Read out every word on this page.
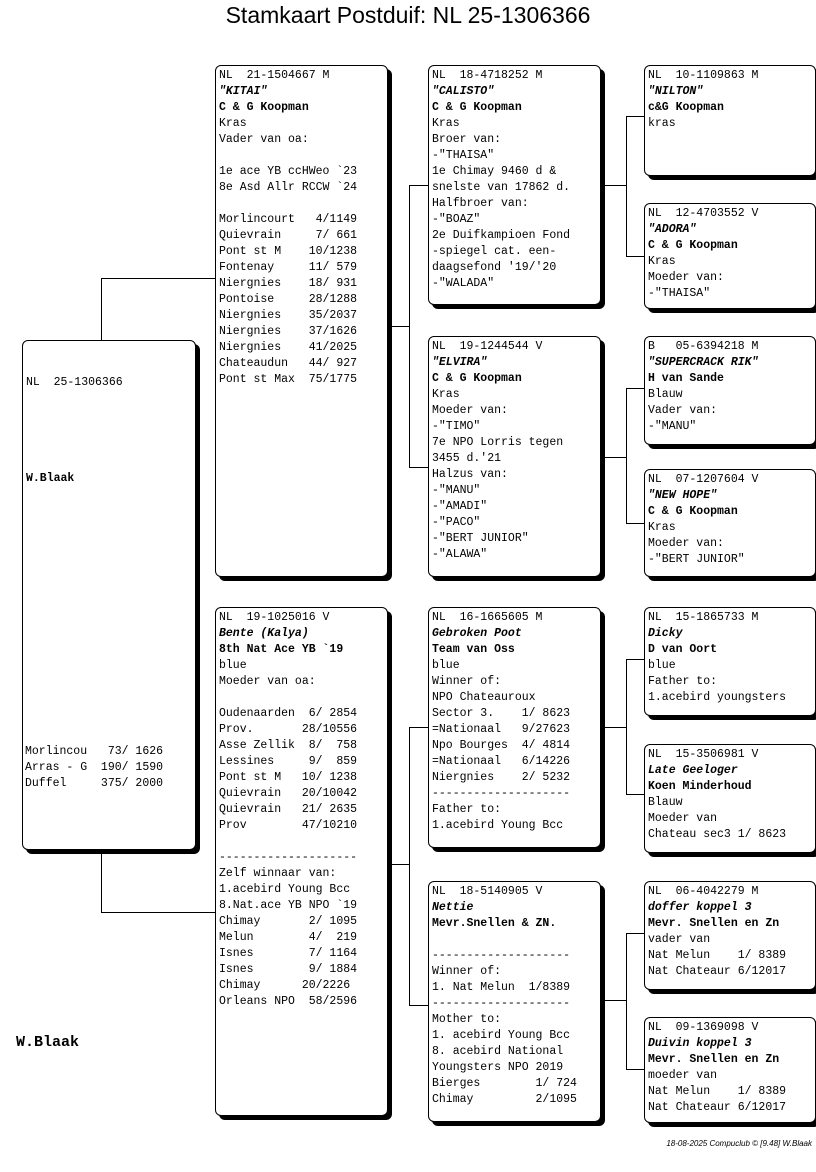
Stamkaart Postduif: NL 25-1306366

NL  25-1306366

W.Blaak

Morlincou   73/ 1626
Arras - G  190/ 1590
Duffel     375/ 2000
NL  21-1504667 M
"KITAI"
C & G Koopman
Kras
Vader van oa:
1e ace YB ccHWeo `23
8e Asd Allr RCCW `24
Morlincourt   4/1149
Quievrain     7/ 661
Pont st M    10/1238
Fontenay     11/ 579
Niergnies    18/ 931
Pontoise     28/1288
Niergnies    35/2037
Niergnies    37/1626
Niergnies    41/2025
Chateaudun   44/ 927
Pont st Max  75/1775
NL  19-1025016 V
Bente (Kalya)
8th Nat Ace YB `19
blue
Moeder van oa:
Oudenaarden  6/ 2854
Prov.       28/10556
Asse Zellik  8/  758
Lessines     9/  859
Pont st M   10/ 1238
Quievrain   20/10042
Quievrain   21/ 2635
Prov        47/10210
--------------------
Zelf winnaar van:
1.acebird Young Bcc
8.Nat.ace YB NPO `19
Chimay       2/ 1095
Melun        4/  219
Isnes        7/ 1164
Isnes        9/ 1884
Chimay      20/2226
Orleans NPO  58/2596
NL  18-4718252 M
"CALISTO"
C & G Koopman
Kras
Broer van:
-"THAISA"
1e Chimay 9460 d &
snelste van 17862 d.
Halfbroer van:
-"BOAZ"
2e Duifkampioen Fond
-spiegel cat. een-
daagsefond '19/'20
-"WALADA"
NL  19-1244544 V
"ELVIRA"
C & G Koopman
Kras
Moeder van:
-"TIMO"
7e NPO Lorris tegen
3455 d.'21
Halzus van:
-"MANU"
-"AMADI"
-"PACO"
-"BERT JUNIOR"
-"ALAWA"
NL  16-1665605 M
Gebroken Poot
Team van Oss
blue
Winner of:
NPO Chateauroux
Sector 3.    1/ 8623
=Nationaal   9/27623
Npo Bourges  4/ 4814
=Nationaal   6/14226
Niergnies    2/ 5232
--------------------
Father to:
1.acebird Young Bcc
NL  18-5140905 V
Nettie
Mevr.Snellen & ZN.
--------------------
Winner of:
1. Nat Melun  1/8389
--------------------
Mother to:
1. acebird Young Bcc
8. acebird National
Youngsters NPO 2019
Bierges        1/ 724
Chimay         2/1095
NL  10-1109863 M
"NILTON"
c&G Koopman
kras
NL  12-4703552 V
"ADORA"
C & G Koopman
Kras
Moeder van:
-"THAISA"
B   05-6394218 M
"SUPERCRACK RIK"
H van Sande
Blauw
Vader van:
-"MANU"
NL  07-1207604 V
"NEW HOPE"
C & G Koopman
Kras
Moeder van:
-"BERT JUNIOR"
NL  15-1865733 M
Dicky
D van Oort
blue
Father to:
1.acebird youngsters
NL  15-3506981 V
Late Geeloger
Koen Minderhoud
Blauw
Moeder van
Chateau sec3 1/ 8623
NL  06-4042279 M
doffer koppel 3
Mevr. Snellen en Zn
vader van
Nat Melun    1/ 8389
Nat Chateaur 6/12017
NL  09-1369098 V
Duivin koppel 3
Mevr. Snellen en Zn
moeder van
Nat Melun    1/ 8389
Nat Chateaur 6/12017
W.Blaak
18-08-2025 Compuclub © [9.48] W.Blaak
